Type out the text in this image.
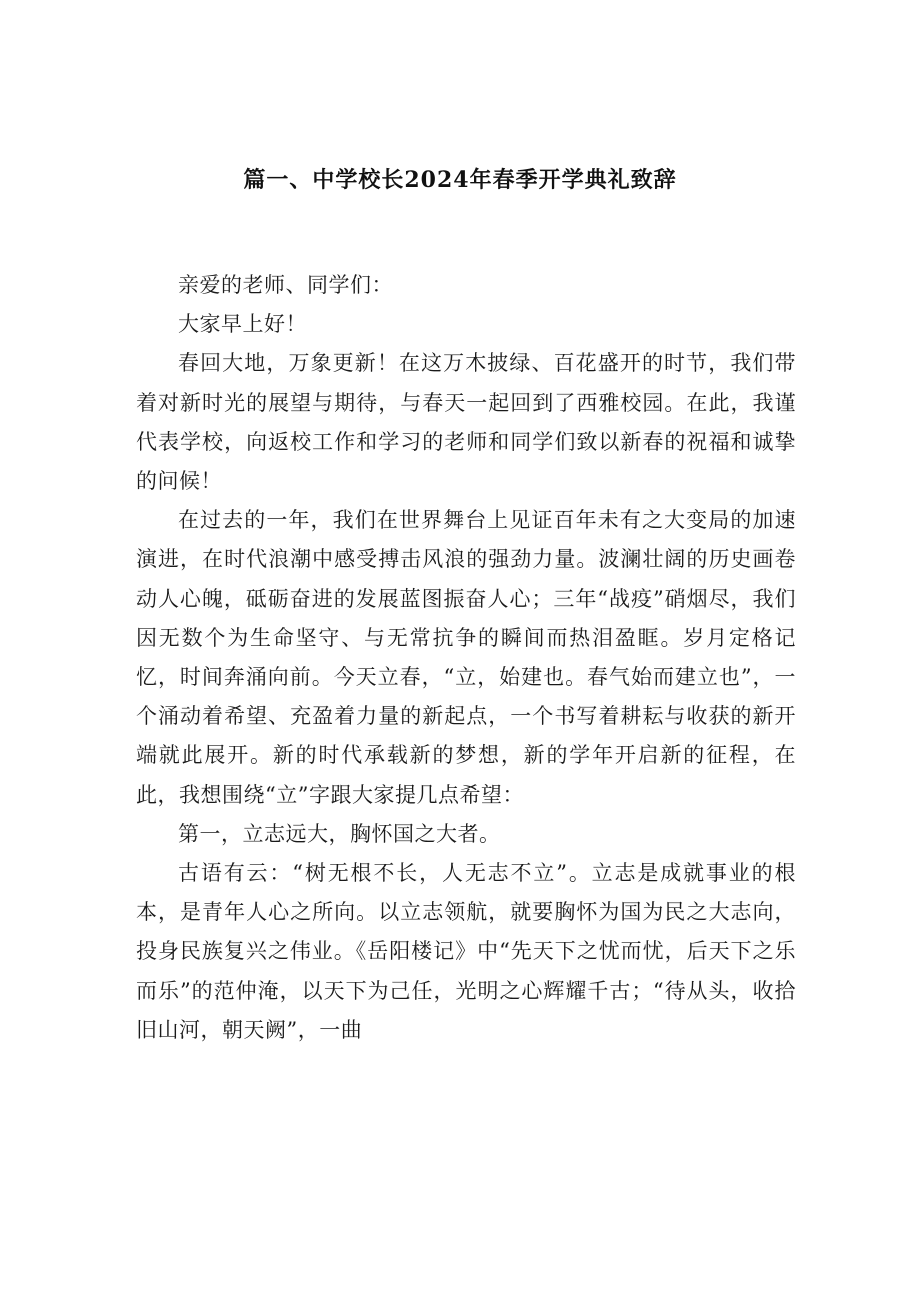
篇一、中学校长2024年春季开学典礼致辞

亲爱的老师、同学们：

大家早上好！

春回大地，万象更新！在这万木披绿、百花盛开的时节，我们带着对新时光的展望与期待，与春天一起回到了西雅校园。在此，我谨代表学校，向返校工作和学习的老师和同学们致以新春的祝福和诚挚的问候！

在过去的一年，我们在世界舞台上见证百年未有之大变局的加速演进，在时代浪潮中感受搏击风浪的强劲力量。波澜壮阔的历史画卷动人心魄，砥砺奋进的发展蓝图振奋人心；三年“战疫”硝烟尽，我们因无数个为生命坚守、与无常抗争的瞬间而热泪盈眶。岁月定格记忆，时间奔涌向前。今天立春，“立，始建也。春气始而建立也”，一个涌动着希望、充盈着力量的新起点，一个书写着耕耘与收获的新开端就此展开。新的时代承载新的梦想，新的学年开启新的征程，在此，我想围绕“立”字跟大家提几点希望：

第一，立志远大，胸怀国之大者。

古语有云：“树无根不长，人无志不立”。立志是成就事业的根本，是青年人心之所向。以立志领航，就要胸怀为国为民之大志向，投身民族复兴之伟业。《岳阳楼记》中“先天下之忧而忧，后天下之乐而乐”的范仲淹，以天下为己任，光明之心辉耀千古；“待从头，收拾旧山河，朝天阙”，一曲
